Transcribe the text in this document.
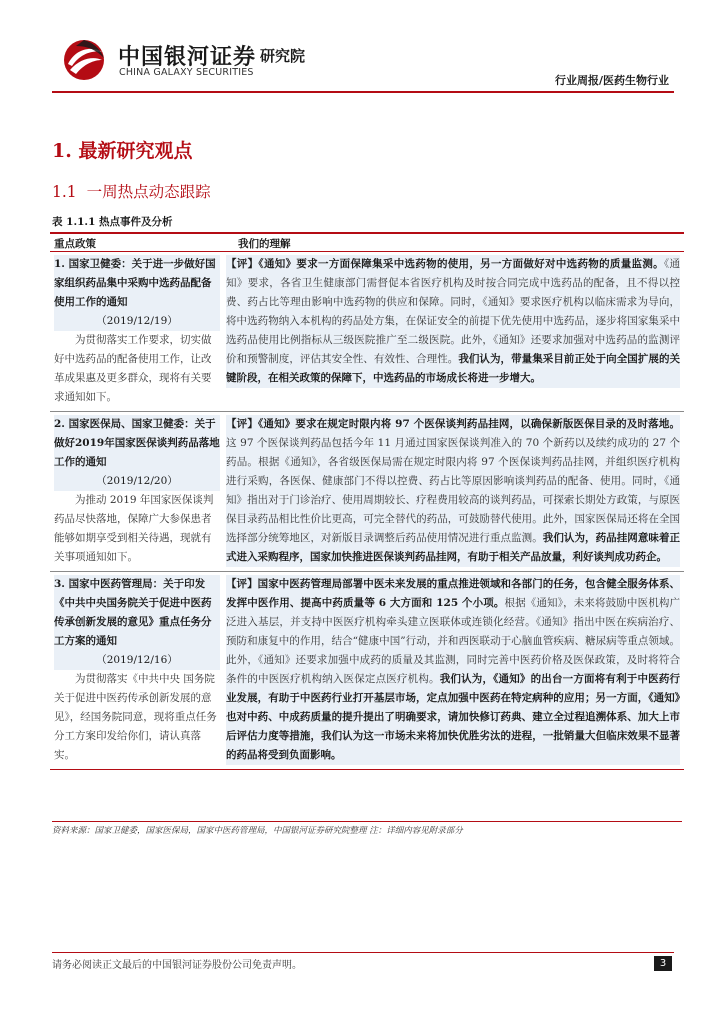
中国银河证券
CHINA GALAXY SECURITIES
研究院
行业周报/医药生物行业
1. 最新研究观点
1.1 一周热点动态跟踪
表 1.1.1 热点事件及分析
重点政策	我们的理解
1. 国家卫健委：关于进一步做好国家组织药品集中采购中选药品配备使用工作的通知
（2019/12/19）
为贯彻落实工作要求，切实做好中选药品的配备使用工作，让改革成果惠及更多群众，现将有关要求通知如下。
【评】《通知》要求一方面保障集采中选药物的使用，另一方面做好对中选药物的质量监测。《通知》要求，各省卫生健康部门需督促本省医疗机构及时按合同完成中选药品的配备，且不得以控费、药占比等理由影响中选药物的供应和保障。同时，《通知》要求医疗机构以临床需求为导向，将中选药物纳入本机构的药品处方集，在保证安全的前提下优先使用中选药品，逐步将国家集采中选药品使用比例指标从三级医院推广至二级医院。此外，《通知》还要求加强对中选药品的监测评价和预警制度，评估其安全性、有效性、合理性。我们认为，带量集采目前正处于向全国扩展的关键阶段，在相关政策的保障下，中选药品的市场成长将进一步增大。
2. 国家医保局、国家卫健委：关于做好2019年国家医保谈判药品落地工作的通知
（2019/12/20）
为推动 2019 年国家医保谈判药品尽快落地，保障广大参保患者能够如期享受到相关待遇，现就有关事项通知如下。
【评】《通知》要求在规定时限内将 97 个医保谈判药品挂网，以确保新版医保目录的及时落地。这 97 个医保谈判药品包括今年 11 月通过国家医保谈判准入的 70 个新药以及续约成功的 27 个药品。根据《通知》，各省级医保局需在规定时限内将 97 个医保谈判药品挂网，并组织医疗机构进行采购，各医保、健康部门不得以控费、药占比等原因影响谈判药品的配备、使用。同时，《通知》指出对于门诊治疗、使用周期较长、疗程费用较高的谈判药品，可探索长期处方政策，与原医保目录药品相比性价比更高，可完全替代的药品，可鼓励替代使用。此外，国家医保局还将在全国选择部分统筹地区，对新版目录调整后药品使用情况进行重点监测。我们认为，药品挂网意味着正式进入采购程序，国家加快推进医保谈判药品挂网，有助于相关产品放量，利好谈判成功药企。
3. 国家中医药管理局：关于印发《中共中央国务院关于促进中医药传承创新发展的意见》重点任务分工方案的通知
（2019/12/16）
为贯彻落实《中共中央 国务院关于促进中医药传承创新发展的意见》，经国务院同意，现将重点任务分工方案印发给你们，请认真落实。
【评】国家中医药管理局部署中医未来发展的重点推进领域和各部门的任务，包含健全服务体系、发挥中医作用、提高中药质量等 6 大方面和 125 个小项。根据《通知》，未来将鼓励中医机构广泛进入基层，并支持中医医疗机构牵头建立医联体或连锁化经营。《通知》指出中医在疾病治疗、预防和康复中的作用，结合“健康中国”行动，并和西医联动于心脑血管疾病、糖尿病等重点领域。此外，《通知》还要求加强中成药的质量及其监测，同时完善中医药价格及医保政策，及时将符合条件的中医医疗机构纳入医保定点医疗机构。我们认为，《通知》的出台一方面将有利于中医药行业发展，有助于中医药行业打开基层市场，定点加强中医药在特定病种的应用；另一方面，《通知》也对中药、中成药质量的提升提出了明确要求，请加快修订药典、建立全过程追溯体系、加大上市后评估力度等措施，我们认为这一市场未来将加快优胜劣汰的进程，一批销量大但临床效果不显著的药品将受到负面影响。
资料来源：国家卫健委，国家医保局，国家中医药管理局，中国银河证券研究院整理 注：详细内容见附录部分
请务必阅读正文最后的中国银河证券股份公司免责声明。	3
